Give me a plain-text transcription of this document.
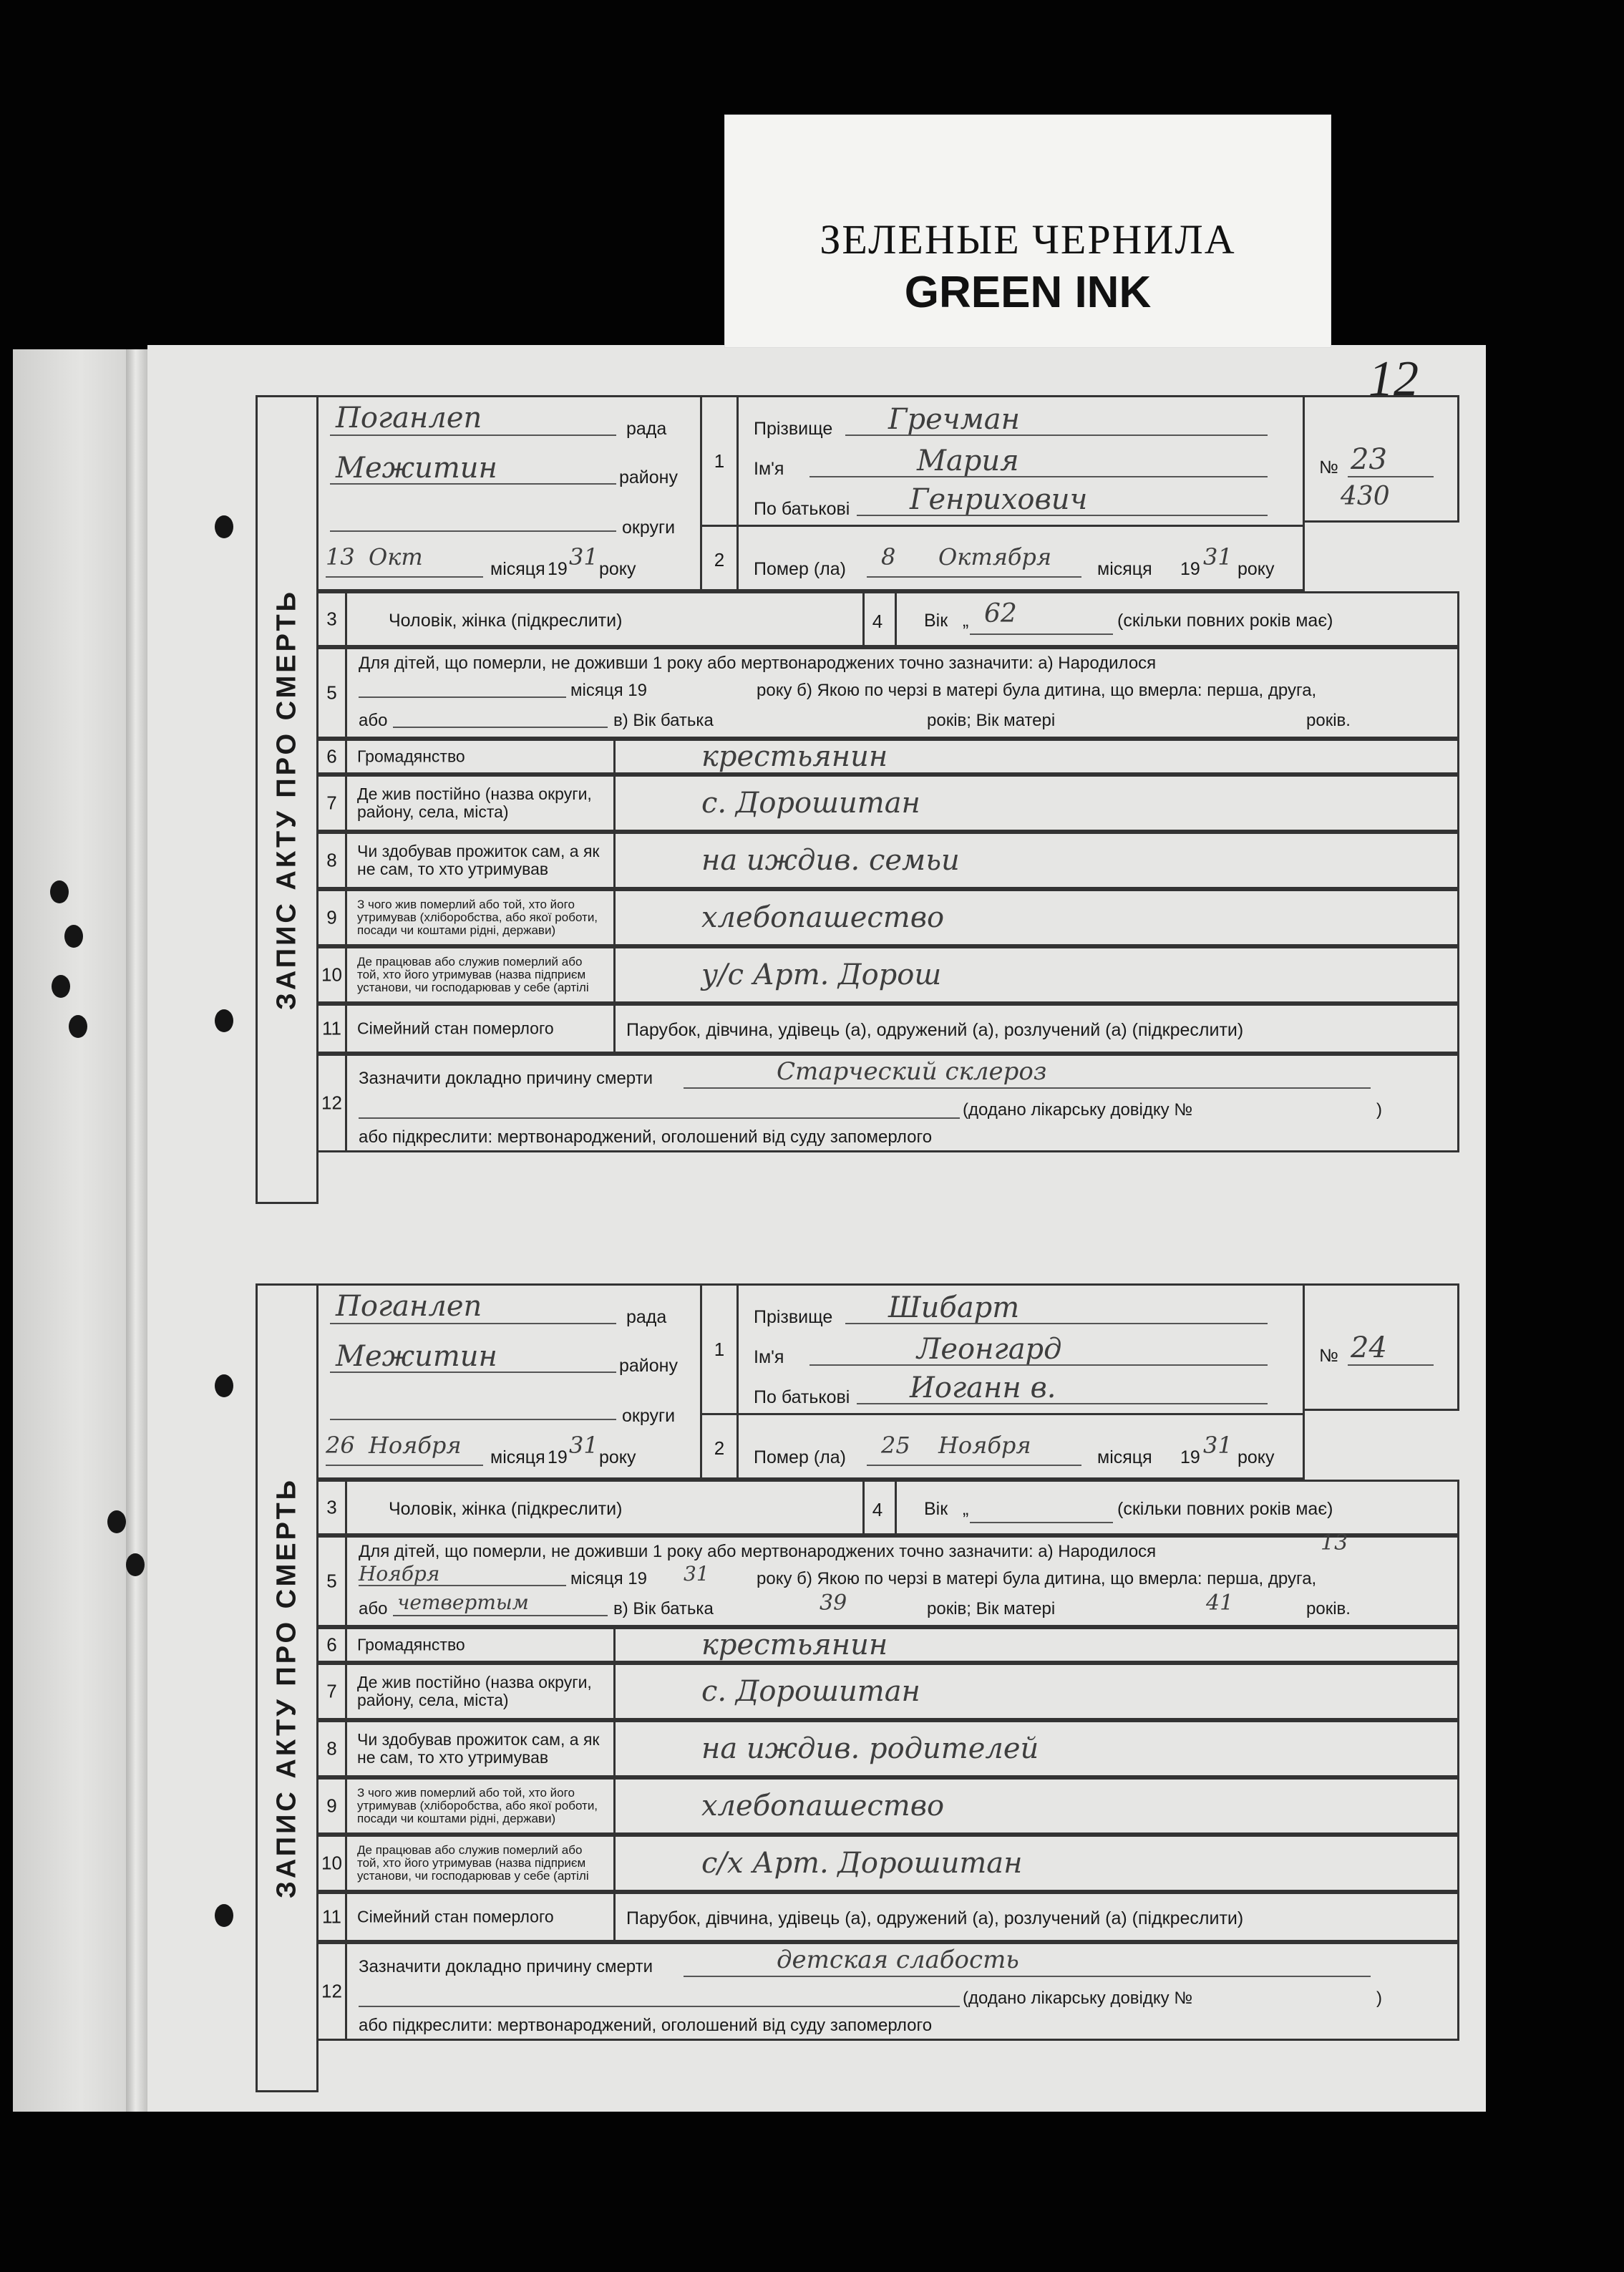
ЗЕЛЕНЫЕ ЧЕРНИЛА
GREEN INK
12
ЗАПИС АКТУ ПРО СМЕРТЬ
Поганлеп	рада
Межитин	району
округи
13 Окт	місяця 19 31 року
1
2
Прізвище Гречман
Ім'я	Мария
По батькові Генрихович
Помер (ла) 8 Октября	місяця 19 31 року
№ 23
430
3	Чоловік, жінка (підкреслити)	4	Вік „ 62	(скільки повних років має)
5
Для дітей, що померли, не доживши 1 року або мертвонароджених точно зазначити: а) Народилося
місяця 19	року б) Якою по черзі в матері була дитина, що вмерла: перша, друга,
або	в) Вік батька	років; Вік матері	років.
6	Громадянство	крестьянин
7	Де жив постійно (назва округи, району, села, міста)	с. Дорошитан
8	Чи здобував прожиток сам, а як не сам, то хто утримував	на иждив. семьи
9
З чого жив померлий або той, хто його утримував (хліборобства, або якої роботи, посади чи коштами рідні, держави)	хлебопашество
10
Де працював або служив померлий або той, хто його утримував (назва підприєм установи, чи господарював у себе (артілі	у/с Арт. Дорош
11 Сімейний стан померлого	Парубок, дівчина, удівець (а), одружений (а), розлучений (а) (підкреслити)
12
Зазначити докладно причину смерти	Старческий склероз
(додано лікарську довідку №	)
або підкреслити: мертвонароджений, оголошений від суду запомерлого
ЗАПИС АКТУ ПРО СМЕРТЬ
Поганлеп	рада
Межитин	району
округи
26 Ноября місяця 19 31 року
1
2
Прізвище Шибарт
Ім'я	Леонгард
По батькові Иоганн в.
Помер (ла) 25 Ноября	місяця 19 31 року
№ 24
3	Чоловік, жінка (підкреслити)	4	Вік „	(скільки повних років має)
5
Для дітей, що померли, не доживши 1 року або мертвонароджених точно зазначити: а) Народилося	13
Ноября	місяця 19 31	року б) Якою по черзі в матері була дитина, що вмерла: перша, друга,
або четвертым	в) Вік батька	39	років; Вік матері	41	років.
6	Громадянство	крестьянин
7	Де жив постійно (назва округи, району, села, міста)	с. Дорошитан
8	Чи здобував прожиток сам, а як не сам, то хто утримував	на иждив. родителей
9
З чого жив померлий або той, хто його утримував (хліборобства, або якої роботи, посади чи коштами рідні, держави)	хлебопашество
10
Де працював або служив померлий або той, хто його утримував (назва підприєм установи, чи господарював у себе (артілі	с/х Арт. Дорошитан
11 Сімейний стан померлого	Парубок, дівчина, удівець (а), одружений (а), розлучений (а) (підкреслити)
12
Зазначити докладно причину смерти	детская слабость
(додано лікарську довідку №	)
або підкреслити: мертвонароджений, оголошений від суду запомерлого
